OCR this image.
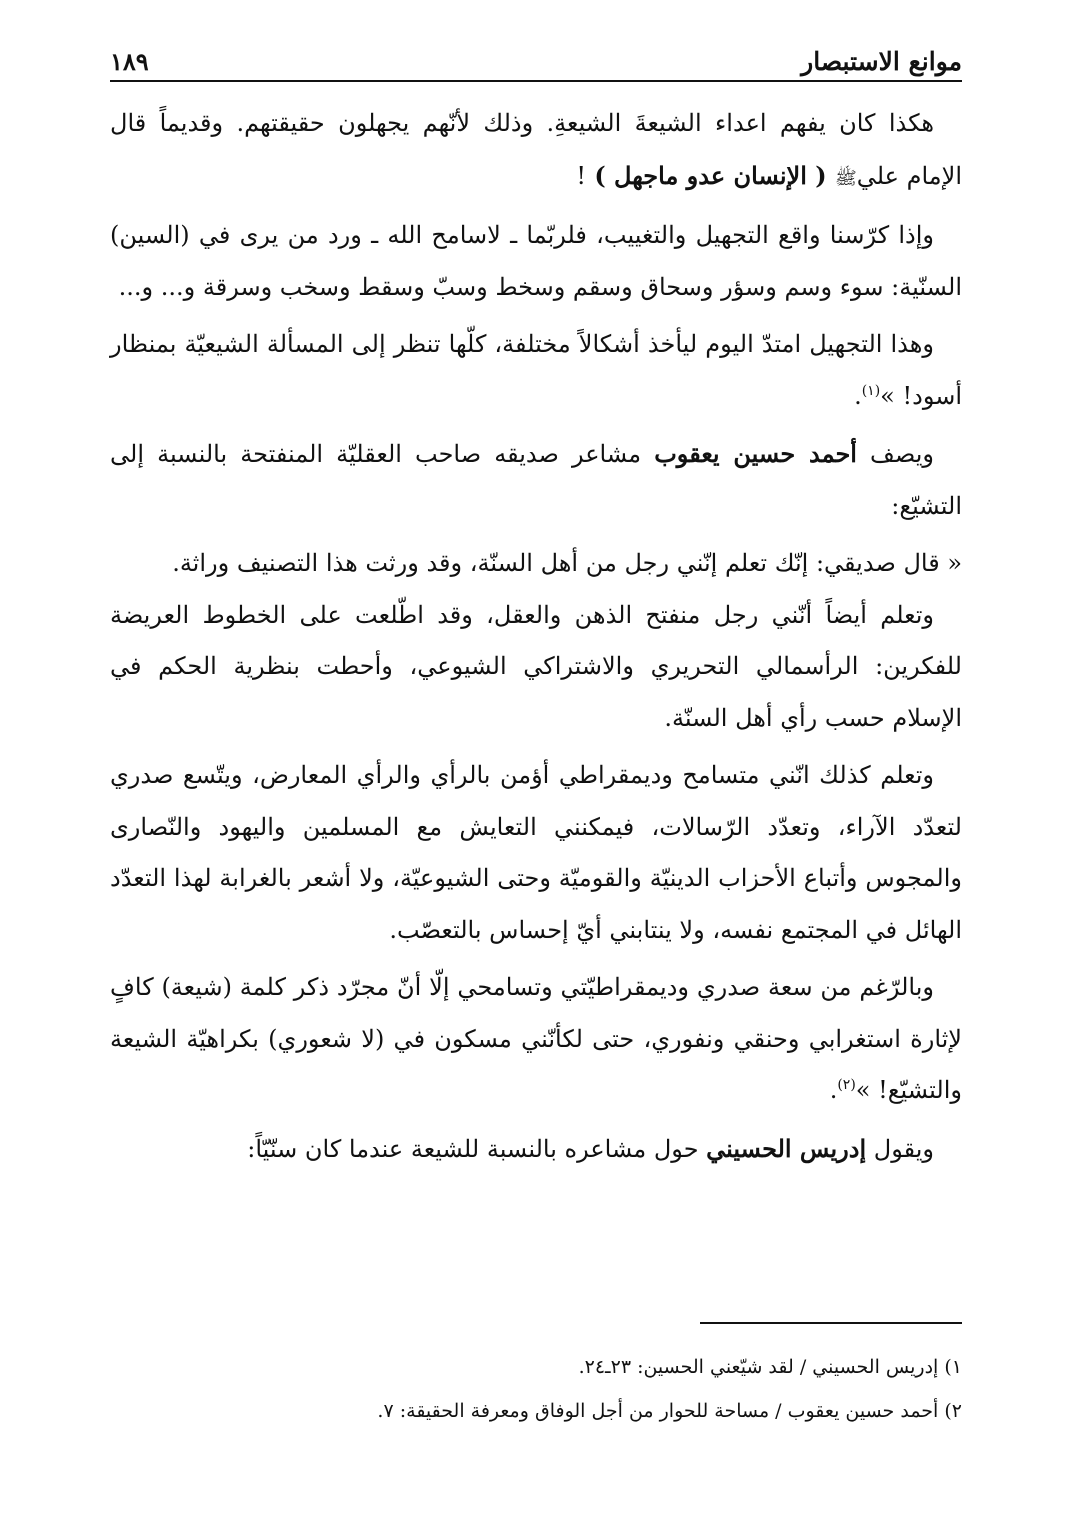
موانع الاستبصار
١٨٩

هكذا كان يفهم اعداء الشيعةَ الشيعةِ. وذلك لأنّهم يجهلون حقيقتهم. وقديماً قال الإمام عليﷺ ( الإنسان عدو ماجهل ) !

وإذا كرّسنا واقع التجهيل والتغييب، فلربّما ـ لاسامح الله ـ ورد من يرى في (السين) السنّية: سوء وسم وسؤر وسحاق وسقم وسخط وسبّ وسقط وسخب وسرقة و... و...

وهذا التجهيل امتدّ اليوم ليأخذ أشكالاً مختلفة، كلّها تنظر إلى المسألة الشيعيّة بمنظار أسود! »$^{(١)}$.

ويصف أحمد حسين يعقوب مشاعر صديقه صاحب العقليّة المنفتحة بالنسبة إلى التشيّع:

« قال صديقي: إنّك تعلم إنّني رجل من أهل السنّة، وقد ورثت هذا التصنيف وراثة.

وتعلم أيضاً أنّني رجل منفتح الذهن والعقل، وقد اطّلعت على الخطوط العريضة للفكرين: الرأسمالي التحريري والاشتراكي الشيوعي، وأحطت بنظرية الحكم في الإسلام حسب رأي أهل السنّة.

وتعلم كذلك انّني متسامح وديمقراطي أؤمن بالرأي والرأي المعارض، ويتّسع صدري لتعدّد الآراء، وتعدّد الرّسالات، فيمكنني التعايش مع المسلمين واليهود والنّصارى والمجوس وأتباع الأحزاب الدينيّة والقوميّة وحتى الشيوعيّة، ولا أشعر بالغرابة لهذا التعدّد الهائل في المجتمع نفسه، ولا ينتابني أيّ إحساس بالتعصّب.

وبالرّغم من سعة صدري وديمقراطيّتي وتسامحي إلّا أنّ مجرّد ذكر كلمة (شيعة) كافٍ لإثارة استغرابي وحنقي ونفوري، حتى لكأنّني مسكون في (لا شعوري) بكراهيّة الشيعة والتشيّع! »$^{(٢)}$.

ويقول إدريس الحسيني حول مشاعره بالنسبة للشيعة عندما كان سنّيّاً:

١) إدريس الحسيني / لقد شيّعني الحسين: ٢٣ـ٢٤.

٢) أحمد حسين يعقوب / مساحة للحوار من أجل الوفاق ومعرفة الحقيقة: ٧.
